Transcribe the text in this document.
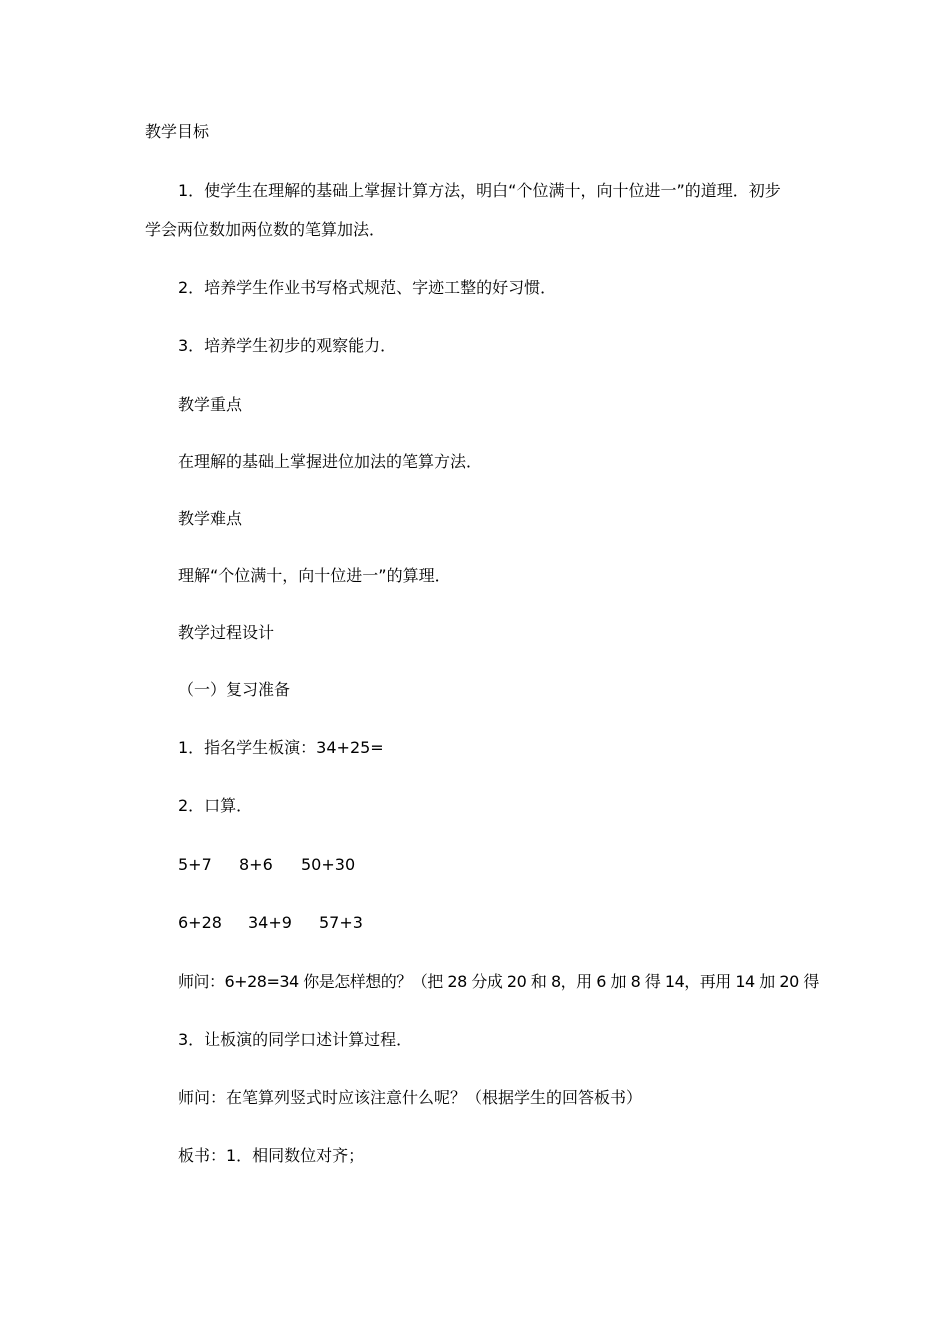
教学目标

1．使学生在理解的基础上掌握计算方法，明白“个位满十，向十位进一”的道理．初步

学会两位数加两位数的笔算加法．

2．培养学生作业书写格式规范、字迹工整的好习惯．

3．培养学生初步的观察能力．

教学重点

在理解的基础上掌握进位加法的笔算方法．

教学难点

理解“个位满十，向十位进一”的算理．

教学过程设计

（一）复习准备

1．指名学生板演：34+25=

2．口算．

5+7 8+6 50+30
6+28 34+9 57+3

师问：6+28=34 你是怎样想的？（把 28 分成 20 和 8，用 6 加 8 得 14，再用 14 加 20 得

3．让板演的同学口述计算过程．

师问：在笔算列竖式时应该注意什么呢？（根据学生的回答板书）

板书：1．相同数位对齐；
